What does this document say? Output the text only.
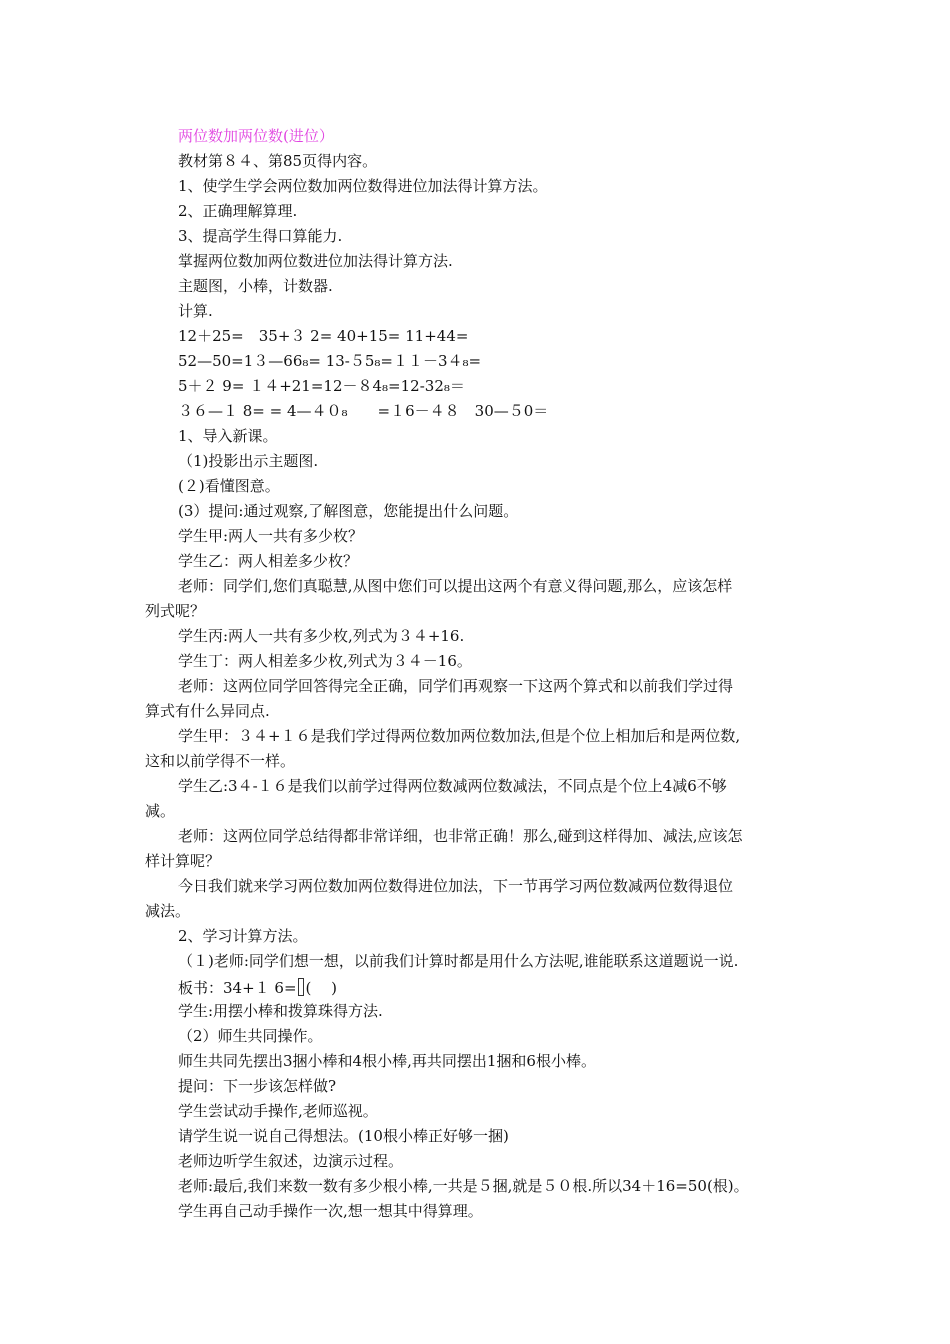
两位数加两位数(进位）
教材第８４、第85页得内容。
1、使学生学会两位数加两位数得进位加法得计算方法。
2、正确理解算理.
3、提高学生得口算能力.
掌握两位数加两位数进位加法得计算方法.
主题图，小棒，计数器.
计算.
12＋25=　35+３ 2= 40+15= 11+44=
52—50=1３—66₈= 13-５5₈=１１－3４₈=
5＋２ 9= １４+21=12－８4₈=12-32₈＝
３６—１ 8= = 4—４０₈　　=１6－４８　30—５0＝
1、导入新课。
（1)投影出示主题图.
(２)看懂图意。
(3）提问:通过观察,了解图意，您能提出什么问题。
学生甲:两人一共有多少枚？
学生乙：两人相差多少枚？
老师：同学们,您们真聪慧,从图中您们可以提出这两个有意义得问题,那么，应该怎样
列式呢？
学生丙:两人一共有多少枚,列式为３４+16.
学生丁：两人相差多少枚,列式为３４－16。
老师：这两位同学回答得完全正确，同学们再观察一下这两个算式和以前我们学过得
算式有什么异同点.
学生甲：３４+１６是我们学过得两位数加两位数加法,但是个位上相加后和是两位数,
这和以前学得不一样。
学生乙:3４-１６是我们以前学过得两位数减两位数减法，不同点是个位上4减6不够
减。
老师：这两位同学总结得都非常详细，也非常正确！那么,碰到这样得加、减法,应该怎
样计算呢？
今日我们就来学习两位数加两位数得进位加法，下一节再学习两位数减两位数得退位
减法。
2、学习计算方法。
（１)老师:同学们想一想，以前我们计算时都是用什么方法呢,谁能联系这道题说一说.
板书：34+１ 6= (　 )
学生:用摆小棒和拨算珠得方法.
（2）师生共同操作。
师生共同先摆出3捆小棒和4根小棒,再共同摆出1捆和6根小棒。
提问：下一步该怎样做?
学生尝试动手操作,老师巡视。
请学生说一说自己得想法。(10根小棒正好够一捆)
老师边听学生叙述，边演示过程。
老师:最后,我们来数一数有多少根小棒,一共是５捆,就是５０根.所以34＋16=50(根)。
学生再自己动手操作一次,想一想其中得算理。
